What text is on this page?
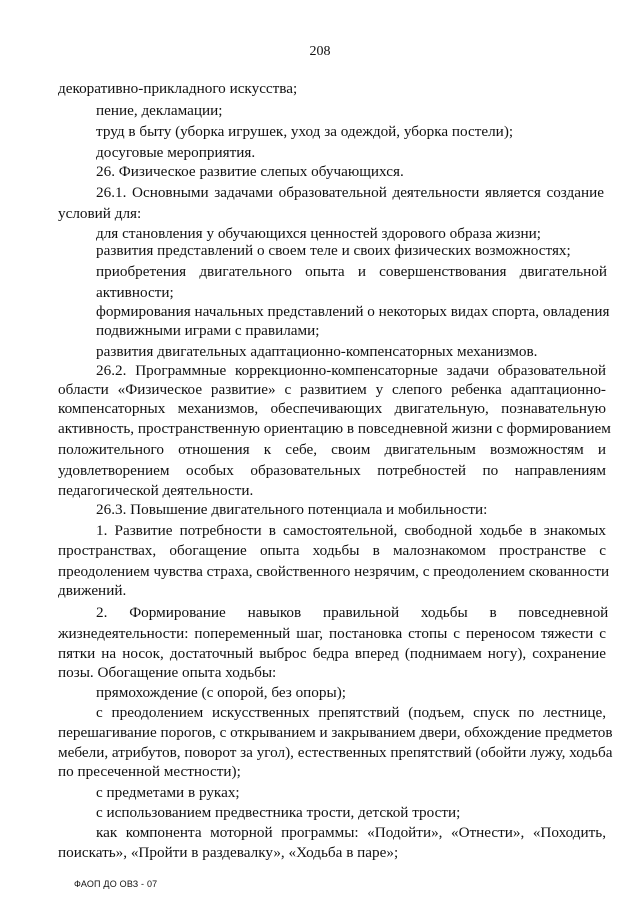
208
декоративно-прикладного искусства;
пение, декламации;
труд в быту (уборка игрушек, уход за одеждой, уборка постели);
досуговые мероприятия.
26. Физическое развитие слепых обучающихся.
26.1. Основными задачами образовательной деятельности является создание
условий для:
для становления у обучающихся ценностей здорового образа жизни;
развития представлений о своем теле и своих физических возможностях;
приобретения двигательного опыта и совершенствования двигательной
активности;
формирования начальных представлений о некоторых видах спорта, овладения
подвижными играми с правилами;
развития двигательных адаптационно-компенсаторных механизмов.
26.2. Программные коррекционно-компенсаторные задачи образовательной
области «Физическое развитие» с развитием у слепого ребенка адаптационно-
компенсаторных механизмов, обеспечивающих двигательную, познавательную
активность, пространственную ориентацию в повседневной жизни с формированием
положительного отношения к себе, своим двигательным возможностям и
удовлетворением особых образовательных потребностей по направлениям
педагогической деятельности.
26.3. Повышение двигательного потенциала и мобильности:
1. Развитие потребности в самостоятельной, свободной ходьбе в знакомых
пространствах, обогащение опыта ходьбы в малознакомом пространстве с
преодолением чувства страха, свойственного незрячим, с преодолением скованности
движений.
2. Формирование навыков правильной ходьбы в повседневной
жизнедеятельности: попеременный шаг, постановка стопы с переносом тяжести с
пятки на носок, достаточный выброс бедра вперед (поднимаем ногу), сохранение
позы. Обогащение опыта ходьбы:
прямохождение (с опорой, без опоры);
с преодолением искусственных препятствий (подъем, спуск по лестнице,
перешагивание порогов, с открыванием и закрыванием двери, обхождение предметов
мебели, атрибутов, поворот за угол), естественных препятствий (обойти лужу, ходьба
по пресеченной местности);
с предметами в руках;
с использованием предвестника трости, детской трости;
как компонента моторной программы: «Подойти», «Отнести», «Походить,
поискать», «Пройти в раздевалку», «Ходьба в паре»;
ФАОП ДО ОВЗ - 07
